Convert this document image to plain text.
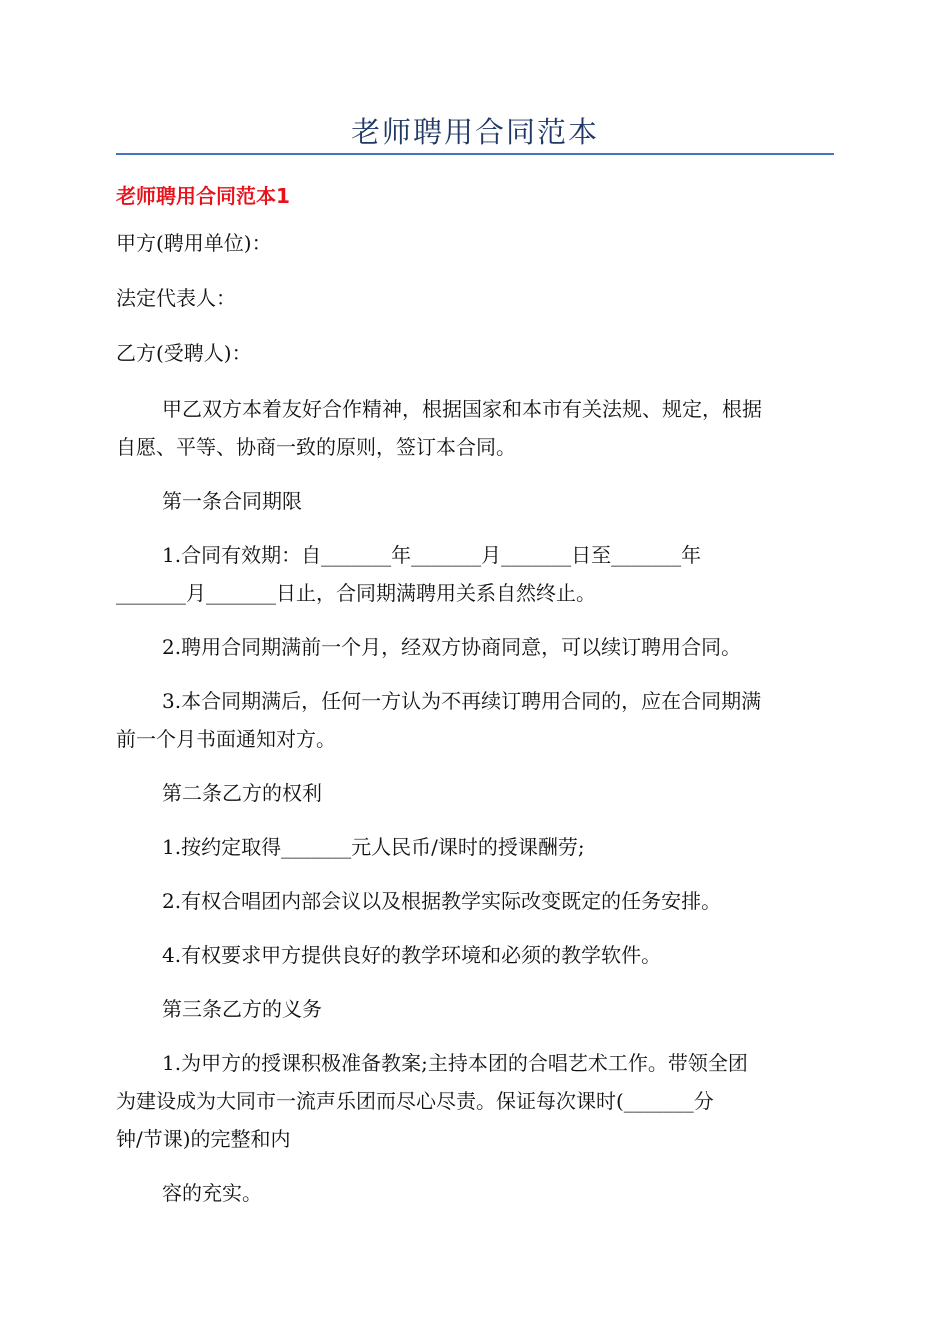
老师聘用合同范本
老师聘用合同范本1
甲方(聘用单位)：
法定代表人：
乙方(受聘人)：
甲乙双方本着友好合作精神，根据国家和本市有关法规、规定，根据
自愿、平等、协商一致的原则，签订本合同。
第一条合同期限
1.合同有效期：自_______年_______月_______日至_______年
_______月_______日止，合同期满聘用关系自然终止。
2.聘用合同期满前一个月，经双方协商同意，可以续订聘用合同。
3.本合同期满后，任何一方认为不再续订聘用合同的，应在合同期满
前一个月书面通知对方。
第二条乙方的权利
1.按约定取得_______元人民币/课时的授课酬劳;
2.有权合唱团内部会议以及根据教学实际改变既定的任务安排。
4.有权要求甲方提供良好的教学环境和必须的教学软件。
第三条乙方的义务
1.为甲方的授课积极准备教案;主持本团的合唱艺术工作。带领全团
为建设成为大同市一流声乐团而尽心尽责。保证每次课时(_______分
钟/节课)的完整和内
容的充实。
